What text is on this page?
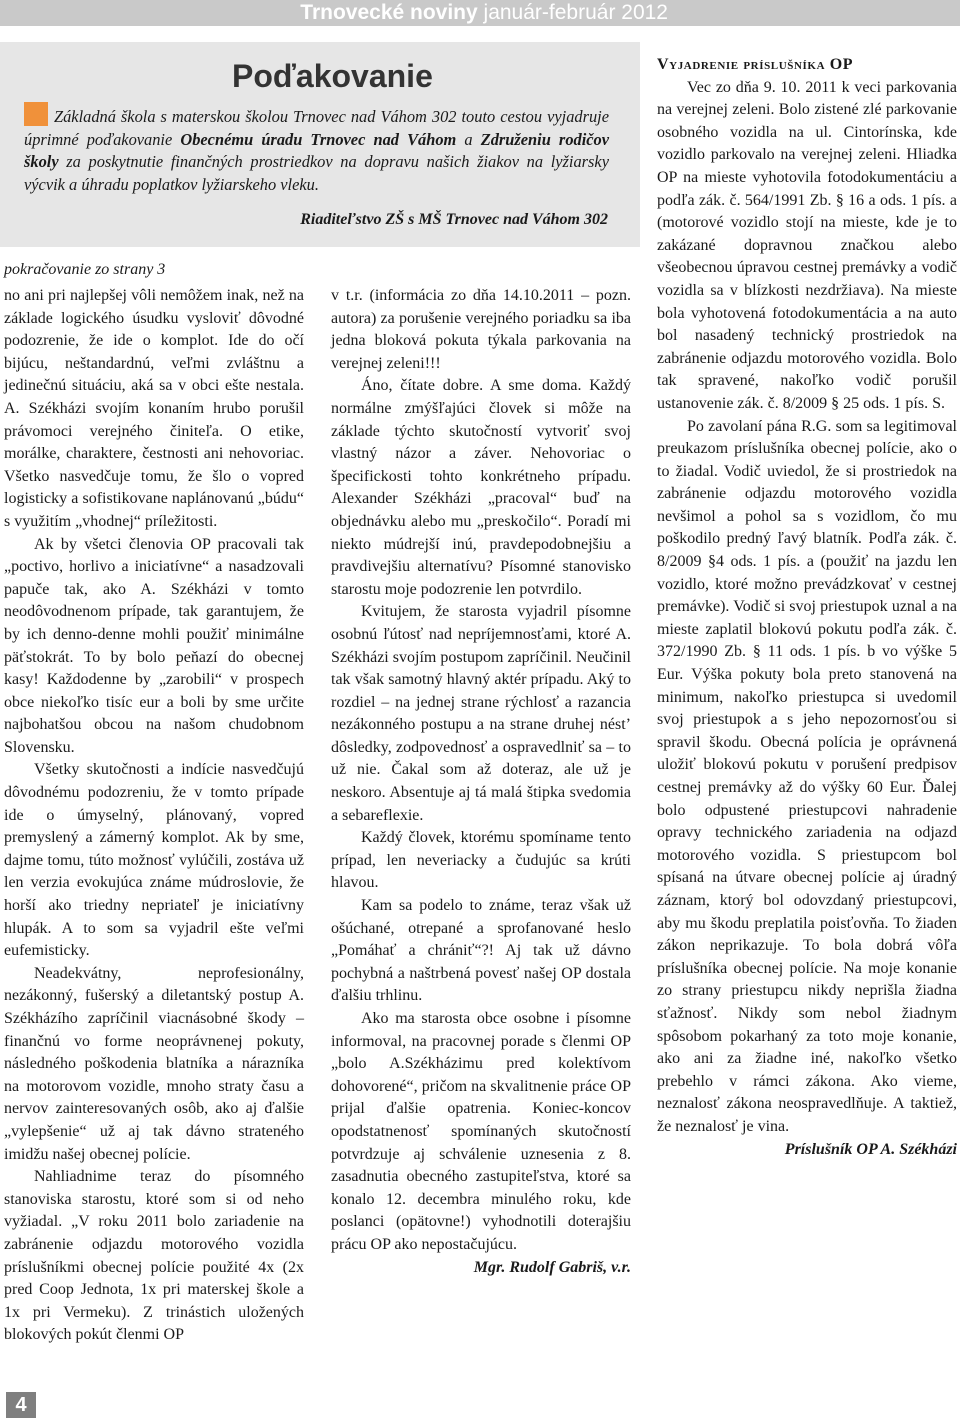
Trnovecké noviny január-február 2012
Poďakovanie
Základná škola s materskou školou Trnovec nad Váhom 302 touto cestou vyjadruje úprimné poďakovanie Obecnému úradu Trnovec nad Váhom a Združeniu rodičov školy za poskytnutie finančných prostriedkov na dopravu našich žiakov na lyžiarsky výcvik a úhradu poplatkov lyžiarskeho vleku.
Riaditeľstvo ZŠ s MŠ Trnovec nad Váhom 302
pokračovanie zo strany 3

no ani pri najlepšej vôli nemôžem inak, než na základe logického úsudku vysloviť dôvodné podozrenie, že ide o komplot. Ide do očí bijúcu, neštandardnú, veľmi zvláštnu a jedinečnú situáciu, aká sa v obci ešte nestala. A. Székházi svojím konaním hrubo porušil právomoci verejného činiteľa. O etike, morálke, charaktere, čestnosti ani nehovoriac. Všetko nasvedčuje tomu, že šlo o vopred logisticky a sofistikovane naplánovanú „búdu“ s využitím „vhodnej“ príležitosti.

Ak by všetci členovia OP pracovali tak „poctivo, horlivo a iniciatívne“ a nasadzovali papuče tak, ako A. Székházi v tomto neodôvodnenom prípade, tak garantujem, že by ich denno-denne mohli použiť minimálne päťstokrát. To by bolo peňazí do obecnej kasy! Každodenne by „zarobili“ v prospech obce niekoľko tisíc eur a boli by sme určite najbohatšou obcou na našom chudobnom Slovensku.

Všetky skutočnosti a indície nasvedčujú dôvodnému podozreniu, že v tomto prípade ide o úmyselný, plánovaný, vopred premyslený a zámerný komplot. Ak by sme, dajme tomu, túto možnosť vylúčili, zostáva už len verzia evokujúca známe múdroslovie, že horší ako triedny nepriateľ je iniciatívny hlupák. A to som sa vyjadril ešte veľmi eufemisticky.

Neadekvátny, neprofesionálny, nezákonný, fušerský a diletantský postup A. Székházího zapríčinil viacnásobné škody – finančnú vo forme neoprávnenej pokuty, následného poškodenia blatníka a nárazníka na motorovom vozidle, mnoho straty času a nervov zainteresovaných osôb, ako aj ďalšie „vylepšenie“ už aj tak dávno strateného imidžu našej obecnej polície.

Nahliadnime teraz do písomného stanoviska starostu, ktoré som si od neho vyžiadal. „V roku 2011 bolo zariadenie na zabránenie odjazdu motorového vozidla príslušníkmi obecnej polície použité 4x (2x pred Coop Jednota, 1x pri materskej škole a 1x pri Vermeku). Z trinástich uložených blokových pokút členmi OP

v t.r. (informácia zo dňa 14.10.2011 – pozn. autora) za porušenie verejného poriadku sa iba jedna bloková pokuta týkala parkovania na verejnej zeleni!!!

Áno, čítate dobre. A sme doma. Každý normálne zmýšľajúci človek si môže na základe týchto skutočností vytvoriť svoj vlastný názor a záver. Nehovoriac o špecifickosti tohto konkrétneho prípadu. Alexander Székházi „pracoval“ buď na objednávku alebo mu „preskočilo“. Poradí mi niekto múdrejší inú, pravdepodobnejšiu a pravdivejšiu alternatívu? Písomné stanovisko starostu moje podozrenie len potvrdilo.

Kvitujem, že starosta vyjadril písomne osobnú ľútosť nad nepríjemnosťami, ktoré A. Székházi svojím postupom zapríčinil. Neučinil tak však samotný hlavný aktér prípadu. Aký to rozdiel – na jednej strane rýchlosť a razancia nezákonného postupu a na strane druhej nést’ dôsledky, zodpovednosť a ospravedlniť sa – to už nie. Čakal som až doteraz, ale už je neskoro. Absentuje aj tá malá štipka svedomia a sebareflexie.

Každý človek, ktorému spomíname tento prípad, len neveriacky a čudujúc sa krúti hlavou.

Kam sa podelo to známe, teraz však už ošúchané, otrepané a sprofanované heslo „Pomáhať a chrániť“?! Aj tak už dávno pochybná a naštrbená povesť našej OP dostala ďalšiu trhlinu.

Ako ma starosta obce osobne i písomne informoval, na pracovnej porade s členmi OP „bolo A.Székházimu pred kolektívom dohovorené“, pričom na skvalitnenie práce OP prijal ďalšie opatrenia. Koniec-koncov opodstatnenosť spomínaných skutočností potvrdzuje aj schválenie uznesenia z 8. zasadnutia obecného zastupiteľstva, ktoré sa konalo 12. decembra minulého roku, kde poslanci (opätovne!) vyhodnotili doterajšiu prácu OP ako nepostačujúcu.

Mgr. Rudolf Gabriš, v.r.
Vyjadrenie príslušníka OP

Vec zo dňa 9. 10. 2011 k veci parkovania na verejnej zeleni. Bolo zistené zlé parkovanie osobného vozidla na ul. Cintorínska, kde vozidlo parkovalo na verejnej zeleni. Hliadka OP na mieste vyhotovila fotodokumentáciu a podľa zák. č. 564/1991 Zb. § 16 a ods. 1 pís. a (motorové vozidlo stojí na mieste, kde je to zakázané dopravnou značkou alebo všeobecnou úpravou cestnej premávky a vodič vozidla sa v blízkosti nezdržiava). Na mieste bola vyhotovená fotodokumentácia a na auto bol nasadený technický prostriedok na zabránenie odjazdu motorového vozidla. Bolo tak spravené, nakoľko vodič porušil ustanovenie zák. č. 8/2009 § 25 ods. 1 pís. S.

Po zavolaní pána R.G. som sa legitimoval preukazom príslušníka obecnej polície, ako o to žiadal. Vodič uviedol, že si prostriedok na zabránenie odjazdu motorového vozidla nevšimol a pohol sa s vozidlom, čo mu poškodilo predný ľavý blatník. Podľa zák. č. 8/2009 §4 ods. 1 pís. a (použiť na jazdu len vozidlo, ktoré možno prevádzkovať v cestnej premávke). Vodič si svoj priestupok uznal a na mieste zaplatil blokovú pokutu podľa zák. č. 372/1990 Zb. § 11 ods. 1 pís. b vo výške 5 Eur. Výška pokuty bola preto stanovená na minimum, nakoľko priestupca si uvedomil svoj priestupok a s jeho nepozornosťou si spravil škodu. Obecná polícia je oprávnená uložiť blokovú pokutu v porušení predpisov cestnej premávky až do výšky 60 Eur. Ďalej bolo odpustené priestupcovi nahradenie opravy technického zariadenia na odjazd motorového vozidla. S priestupcom bol spísaná na útvare obecnej polície aj úradný záznam, ktorý bol odovzdaný priestupcovi, aby mu škodu preplatila poisťovňa. To žiaden zákon neprikazuje. To bola dobrá vôľa príslušníka obecnej polície. Na moje konanie zo strany priestupcu nikdy neprišla žiadna sťažnosť. Nikdy som nebol žiadnym spôsobom pokarhaný za toto moje konanie, ako ani za žiadne iné, nakoľko všetko prebehlo v rámci zákona. Ako vieme, neznalosť zákona neospravedlňuje. A taktiež, že neznalosť je vina.

Príslušník OP A. Székházi
4
